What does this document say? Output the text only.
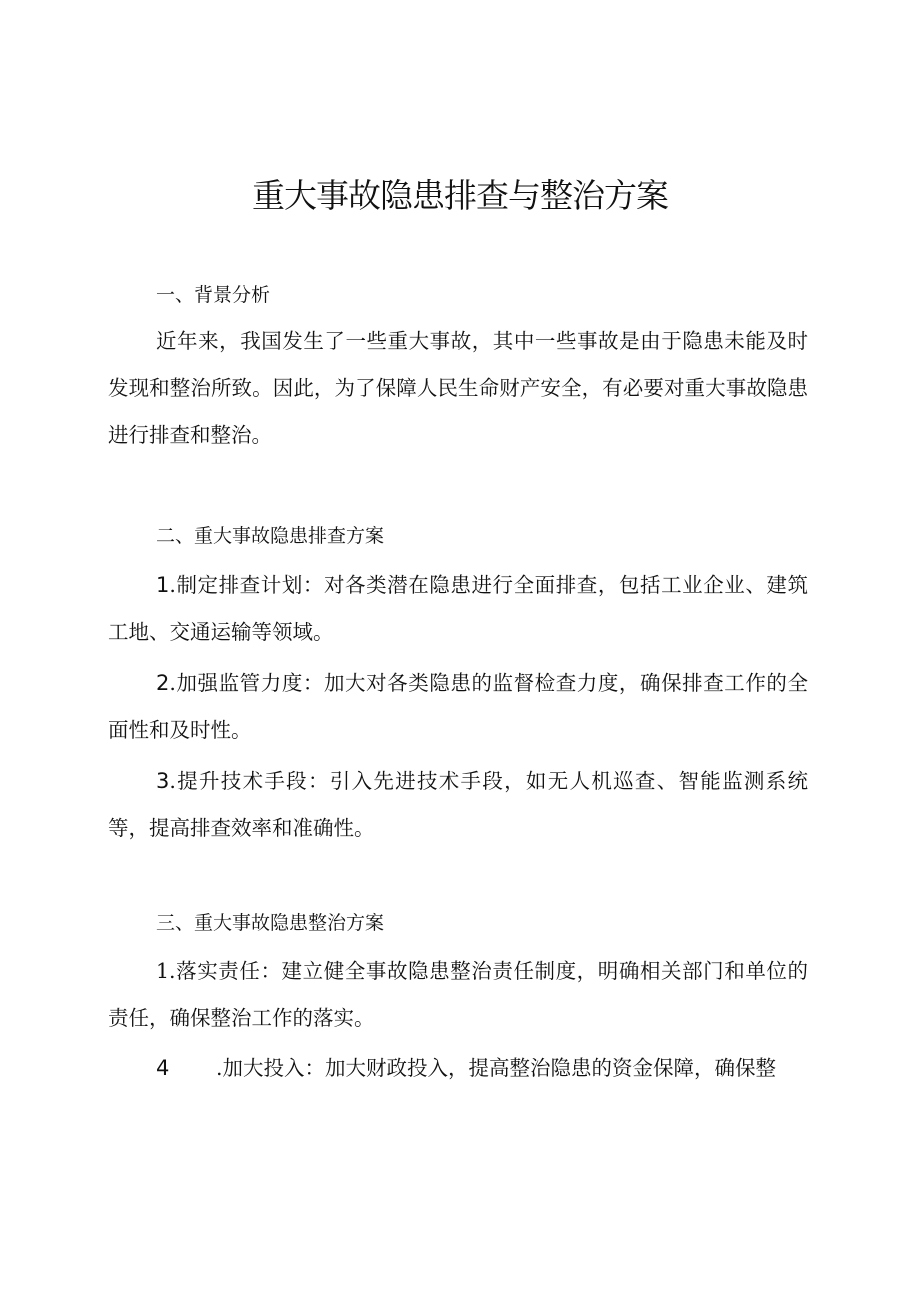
重大事故隐患排查与整治方案
一、背景分析

近年来，我国发生了一些重大事故，其中一些事故是由于隐患未能及时发现和整治所致。因此，为了保障人民生命财产安全，有必要对重大事故隐患进行排查和整治。

二、重大事故隐患排查方案

1.制定排查计划：对各类潜在隐患进行全面排查，包括工业企业、建筑工地、交通运输等领域。

2.加强监管力度：加大对各类隐患的监督检查力度，确保排查工作的全面性和及时性。

3.提升技术手段：引入先进技术手段，如无人机巡查、智能监测系统等，提高排查效率和准确性。

三、重大事故隐患整治方案

1.落实责任：建立健全事故隐患整治责任制度，明确相关部门和单位的责任，确保整治工作的落实。

4 .加大投入：加大财政投入，提高整治隐患的资金保障，确保整
